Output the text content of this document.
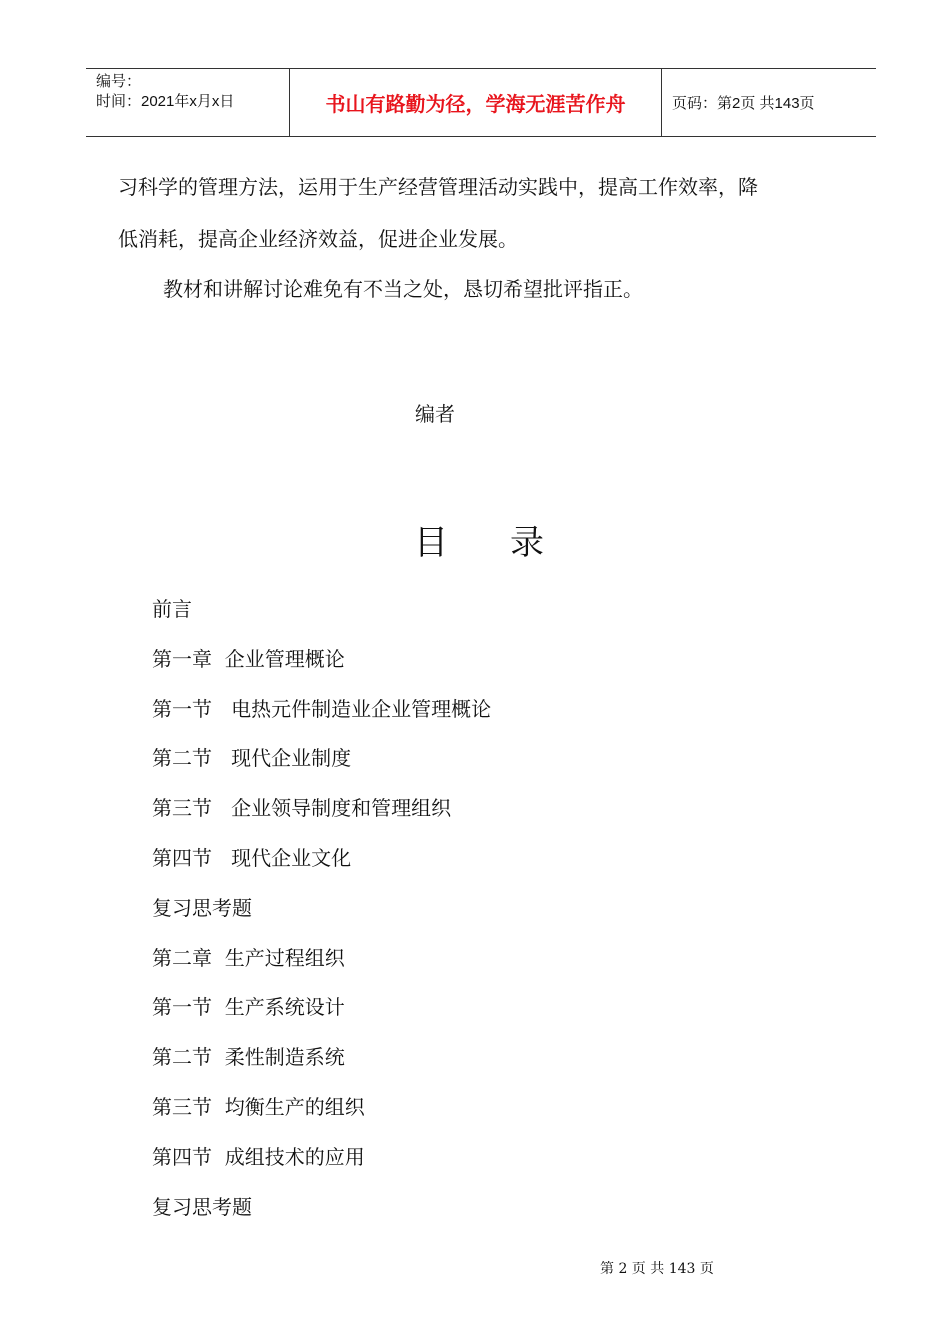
编号：
时间：2021年x月x日	书山有路勤为径，学海无涯苦作舟	页码：第2页 共143页
习科学的管理方法，运用于生产经营管理活动实践中，提高工作效率，降
低消耗，提高企业经济效益，促进企业发展。
教材和讲解讨论难免有不当之处，恳切希望批评指正。
编者
目录
前言
第一章  企业管理概论
第一节   电热元件制造业企业管理概论
第二节   现代企业制度
第三节   企业领导制度和管理组织
第四节   现代企业文化
复习思考题
第二章  生产过程组织
第一节  生产系统设计
第二节  柔性制造系统
第三节  均衡生产的组织
第四节  成组技术的应用
复习思考题
第 2 页 共 143 页
